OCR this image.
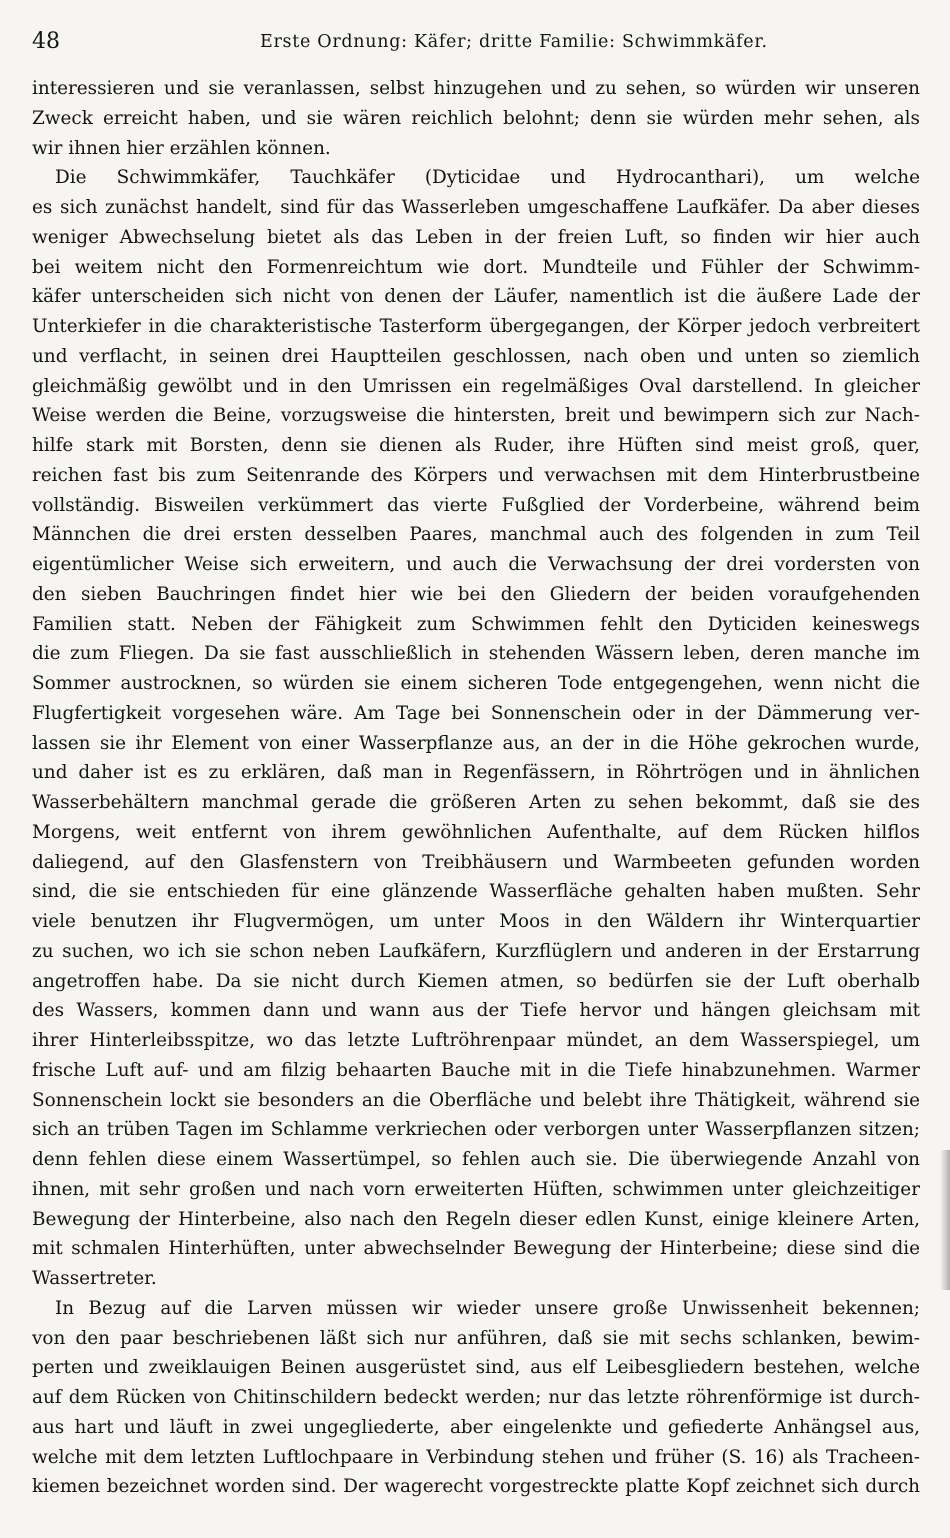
48	Erste Ordnung: Käfer; dritte Familie: Schwimmkäfer.
interessieren und sie veranlassen, selbst hinzugehen und zu sehen, so würden wir unseren
Zweck erreicht haben, und sie wären reichlich belohnt; denn sie würden mehr sehen, als
wir ihnen hier erzählen können.
Die Schwimmkäfer, Tauchkäfer (Dyticidae und Hydrocanthari), um welche
es sich zunächst handelt, sind für das Wasserleben umgeschaffene Laufkäfer. Da aber dieses
weniger Abwechselung bietet als das Leben in der freien Luft, so finden wir hier auch
bei weitem nicht den Formenreichtum wie dort. Mundteile und Fühler der Schwimm-
käfer unterscheiden sich nicht von denen der Läufer, namentlich ist die äußere Lade der
Unterkiefer in die charakteristische Tasterform übergegangen, der Körper jedoch verbreitert
und verflacht, in seinen drei Hauptteilen geschlossen, nach oben und unten so ziemlich
gleichmäßig gewölbt und in den Umrissen ein regelmäßiges Oval darstellend. In gleicher
Weise werden die Beine, vorzugsweise die hintersten, breit und bewimpern sich zur Nach-
hilfe stark mit Borsten, denn sie dienen als Ruder, ihre Hüften sind meist groß, quer,
reichen fast bis zum Seitenrande des Körpers und verwachsen mit dem Hinterbrustbeine
vollständig. Bisweilen verkümmert das vierte Fußglied der Vorderbeine, während beim
Männchen die drei ersten desselben Paares, manchmal auch des folgenden in zum Teil
eigentümlicher Weise sich erweitern, und auch die Verwachsung der drei vordersten von
den sieben Bauchringen findet hier wie bei den Gliedern der beiden voraufgehenden
Familien statt. Neben der Fähigkeit zum Schwimmen fehlt den Dyticiden keineswegs
die zum Fliegen. Da sie fast ausschließlich in stehenden Wässern leben, deren manche im
Sommer austrocknen, so würden sie einem sicheren Tode entgegengehen, wenn nicht die
Flugfertigkeit vorgesehen wäre. Am Tage bei Sonnenschein oder in der Dämmerung ver-
lassen sie ihr Element von einer Wasserpflanze aus, an der in die Höhe gekrochen wurde,
und daher ist es zu erklären, daß man in Regenfässern, in Röhrtrögen und in ähnlichen
Wasserbehältern manchmal gerade die größeren Arten zu sehen bekommt, daß sie des
Morgens, weit entfernt von ihrem gewöhnlichen Aufenthalte, auf dem Rücken hilflos
daliegend, auf den Glasfenstern von Treibhäusern und Warmbeeten gefunden worden
sind, die sie entschieden für eine glänzende Wasserfläche gehalten haben mußten. Sehr
viele benutzen ihr Flugvermögen, um unter Moos in den Wäldern ihr Winterquartier
zu suchen, wo ich sie schon neben Laufkäfern, Kurzflüglern und anderen in der Erstarrung
angetroffen habe. Da sie nicht durch Kiemen atmen, so bedürfen sie der Luft oberhalb
des Wassers, kommen dann und wann aus der Tiefe hervor und hängen gleichsam mit
ihrer Hinterleibsspitze, wo das letzte Luftröhrenpaar mündet, an dem Wasserspiegel, um
frische Luft auf- und am filzig behaarten Bauche mit in die Tiefe hinabzunehmen. Warmer
Sonnenschein lockt sie besonders an die Oberfläche und belebt ihre Thätigkeit, während sie
sich an trüben Tagen im Schlamme verkriechen oder verborgen unter Wasserpflanzen sitzen;
denn fehlen diese einem Wassertümpel, so fehlen auch sie. Die überwiegende Anzahl von
ihnen, mit sehr großen und nach vorn erweiterten Hüften, schwimmen unter gleichzeitiger
Bewegung der Hinterbeine, also nach den Regeln dieser edlen Kunst, einige kleinere Arten,
mit schmalen Hinterhüften, unter abwechselnder Bewegung der Hinterbeine; diese sind die
Wassertreter.
In Bezug auf die Larven müssen wir wieder unsere große Unwissenheit bekennen;
von den paar beschriebenen läßt sich nur anführen, daß sie mit sechs schlanken, bewim-
perten und zweiklauigen Beinen ausgerüstet sind, aus elf Leibesgliedern bestehen, welche
auf dem Rücken von Chitinschildern bedeckt werden; nur das letzte röhrenförmige ist durch-
aus hart und läuft in zwei ungegliederte, aber eingelenkte und gefiederte Anhängsel aus,
welche mit dem letzten Luftlochpaare in Verbindung stehen und früher (S. 16) als Tracheen-
kiemen bezeichnet worden sind. Der wagerecht vorgestreckte platte Kopf zeichnet sich durch
